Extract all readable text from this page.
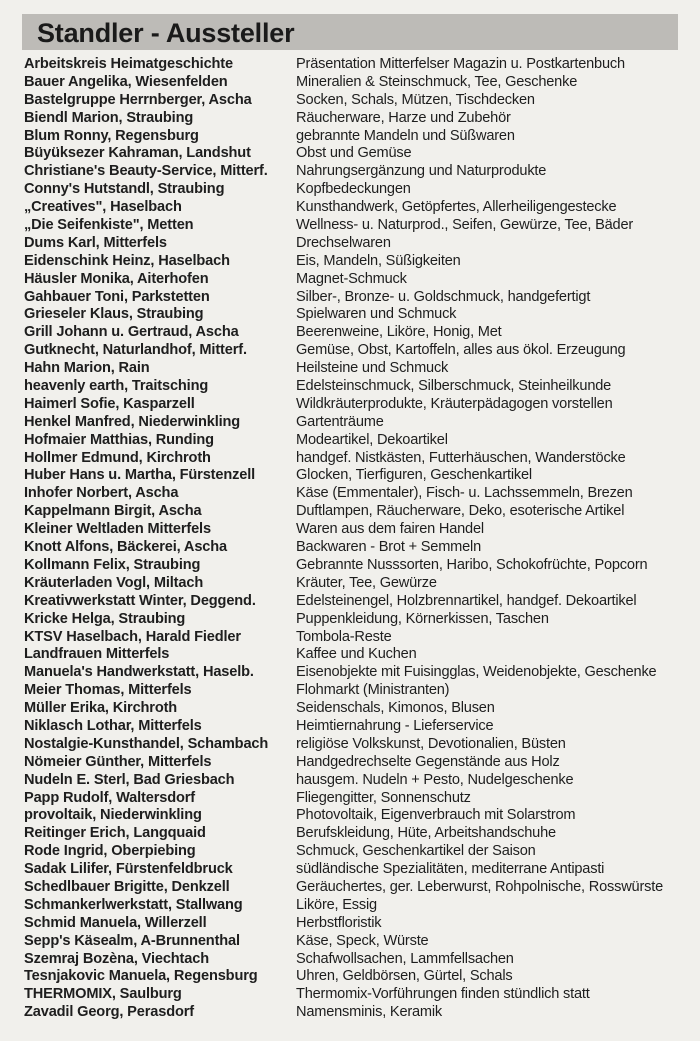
Standler - Aussteller
Arbeitskreis Heimatgeschichte	Präsentation Mitterfelser Magazin u. Postkartenbuch
Bauer Angelika, Wiesenfelden	Mineralien & Steinschmuck, Tee, Geschenke
Bastelgruppe Herrnberger, Ascha	Socken, Schals, Mützen, Tischdecken
Biendl Marion, Straubing	Räucherware, Harze und Zubehör
Blum Ronny, Regensburg	gebrannte Mandeln und Süßwaren
Büyüksezer Kahraman, Landshut	Obst und Gemüse
Christiane's Beauty-Service, Mitterf.	Nahrungsergänzung und Naturprodukte
Conny's Hutstandl, Straubing	Kopfbedeckungen
„Creatives", Haselbach	Kunsthandwerk, Getöpfertes, Allerheiligengestecke
„Die Seifenkiste", Metten	Wellness- u. Naturprod., Seifen, Gewürze, Tee, Bäder
Dums Karl, Mitterfels	Drechselwaren
Eidenschink Heinz, Haselbach	Eis, Mandeln, Süßigkeiten
Häusler Monika, Aiterhofen	Magnet-Schmuck
Gahbauer Toni, Parkstetten	Silber-, Bronze- u. Goldschmuck, handgefertigt
Grieseler Klaus, Straubing	Spielwaren und Schmuck
Grill Johann u. Gertraud, Ascha	Beerenweine, Liköre, Honig, Met
Gutknecht, Naturlandhof, Mitterf.	Gemüse, Obst, Kartoffeln, alles aus ökol. Erzeugung
Hahn Marion, Rain	Heilsteine und Schmuck
heavenly earth, Traitsching	Edelsteinschmuck, Silberschmuck, Steinheilkunde
Haimerl Sofie, Kasparzell	Wildkräuterprodukte, Kräuterpädagogen vorstellen
Henkel Manfred, Niederwinkling	Gartenträume
Hofmaier Matthias, Runding	Modeartikel, Dekoartikel
Hollmer Edmund, Kirchroth	handgef. Nistkästen, Futterhäuschen, Wanderstöcke
Huber Hans u. Martha, Fürstenzell	Glocken, Tierfiguren, Geschenkartikel
Inhofer Norbert, Ascha	Käse (Emmentaler), Fisch- u. Lachssemmeln, Brezen
Kappelmann Birgit, Ascha	Duftlampen, Räucherware, Deko, esoterische Artikel
Kleiner Weltladen Mitterfels	Waren aus dem fairen Handel
Knott Alfons, Bäckerei, Ascha	Backwaren - Brot + Semmeln
Kollmann Felix, Straubing	Gebrannte Nusssorten, Haribo, Schokofrüchte, Popcorn
Kräuterladen Vogl, Miltach	Kräuter, Tee, Gewürze
Kreativwerkstatt Winter, Deggend.	Edelsteinengel, Holzbrennartikel, handgef. Dekoartikel
Kricke Helga, Straubing	Puppenkleidung, Körnerkissen, Taschen
KTSV Haselbach, Harald Fiedler	Tombola-Reste
Landfrauen Mitterfels	Kaffee und Kuchen
Manuela's Handwerkstatt, Haselb.	Eisenobjekte mit Fuisingglas, Weidenobjekte, Geschenke
Meier Thomas, Mitterfels	Flohmarkt (Ministranten)
Müller Erika, Kirchroth	Seidenschals, Kimonos, Blusen
Niklasch Lothar, Mitterfels	Heimtiernahrung - Lieferservice
Nostalgie-Kunsthandel, Schambach	religiöse Volkskunst, Devotionalien, Büsten
Nömeier Günther, Mitterfels	Handgedrechselte Gegenstände aus Holz
Nudeln E. Sterl, Bad Griesbach	hausgem. Nudeln + Pesto, Nudelgeschenke
Papp Rudolf, Waltersdorf	Fliegengitter, Sonnenschutz
provoltaik, Niederwinkling	Photovoltaik, Eigenverbrauch mit Solarstrom
Reitinger Erich, Langquaid	Berufskleidung, Hüte, Arbeitshandschuhe
Rode Ingrid, Oberpiebing	Schmuck, Geschenkartikel der Saison
Sadak Lilifer, Fürstenfeldbruck	südländische Spezialitäten, mediterrane Antipasti
Schedlbauer Brigitte, Denkzell	Geräuchertes, ger. Leberwurst, Rohpolnische, Rosswürste
Schmankerlwerkstatt, Stallwang	Liköre, Essig
Schmid Manuela, Willerzell	Herbstfloristik
Sepp's Käsealm, A-Brunnenthal	Käse, Speck, Würste
Szemraj Bozèna, Viechtach	Schafwollsachen, Lammfellsachen
Tesnjakovic Manuela, Regensburg	Uhren, Geldbörsen, Gürtel, Schals
THERMOMIX, Saulburg	Thermomix-Vorführungen finden stündlich statt
Zavadil Georg, Perasdorf	Namensminis, Keramik
